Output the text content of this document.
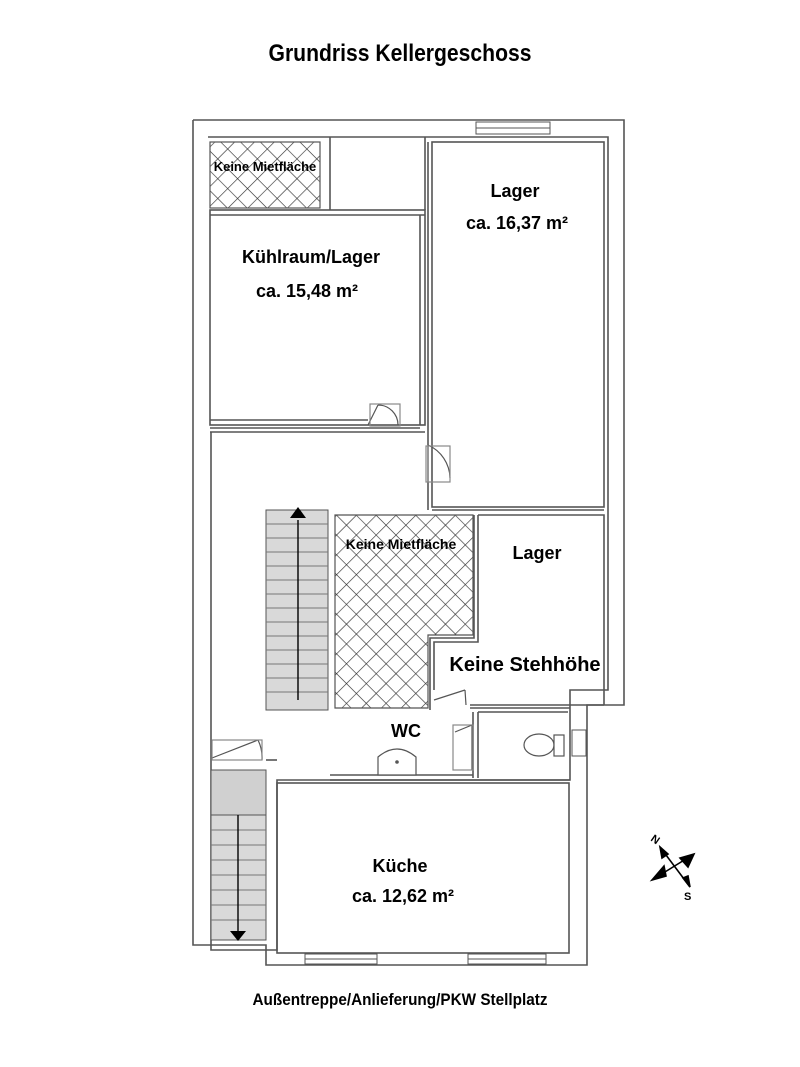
Grundriss Kellergeschoss
N
S
Keine Mietfläche
Kühlraum/Lager
ca. 15,48 m²
Lager
ca. 16,37 m²
Keine Mietfläche	Lager
Keine Stehhöhe
WC
Küche
ca. 12,62 m²
Außentreppe/Anlieferung/PKW Stellplatz
